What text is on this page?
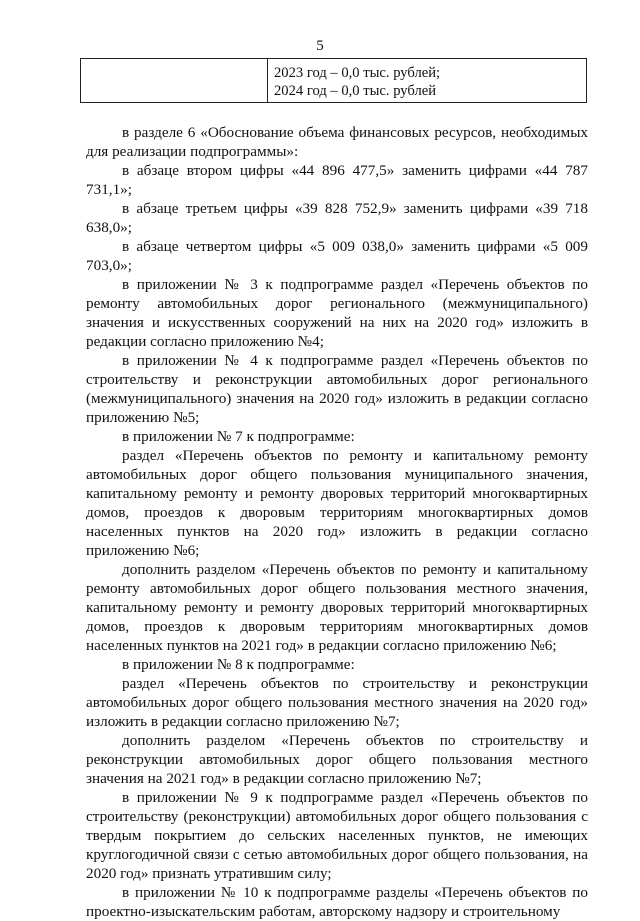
5
2023 год – 0,0 тыс. рублей;
2024 год – 0,0 тыс. рублей

в разделе 6 «Обоснование объема финансовых ресурсов, необходимых для реализации подпрограммы»:

в абзаце втором цифры «44 896 477,5» заменить цифрами «44 787 731,1»;

в абзаце третьем цифры «39 828 752,9» заменить цифрами «39 718 638,0»;

в абзаце четвертом цифры «5 009 038,0» заменить цифрами «5 009 703,0»;

в приложении № 3 к подпрограмме раздел «Перечень объектов по ремонту автомобильных дорог регионального (межмуниципального) значения и искусственных сооружений на них на 2020 год» изложить в редакции согласно приложению №4;

в приложении № 4 к подпрограмме раздел «Перечень объектов по строительству и реконструкции автомобильных дорог регионального (межмуниципального) значения на 2020 год» изложить в редакции согласно приложению №5;

в приложении № 7 к подпрограмме:

раздел «Перечень объектов по ремонту и капитальному ремонту автомобильных дорог общего пользования муниципального значения, капитальному ремонту и ремонту дворовых территорий многоквартирных домов, проездов к дворовым территориям многоквартирных домов населенных пунктов на 2020 год» изложить в редакции согласно приложению №6;

дополнить разделом «Перечень объектов по ремонту и капитальному ремонту автомобильных дорог общего пользования местного значения, капитальному ремонту и ремонту дворовых территорий многоквартирных домов, проездов к дворовым территориям многоквартирных домов населенных пунктов на 2021 год» в редакции согласно приложению №6;

в приложении № 8 к подпрограмме:

раздел «Перечень объектов по строительству и реконструкции автомобильных дорог общего пользования местного значения на 2020 год» изложить в редакции согласно приложению №7;

дополнить разделом «Перечень объектов по строительству и реконструкции автомобильных дорог общего пользования местного значения на 2021 год» в редакции согласно приложению №7;

в приложении № 9 к подпрограмме раздел «Перечень объектов по строительству (реконструкции) автомобильных дорог общего пользования с твердым покрытием до сельских населенных пунктов, не имеющих круглогодичной связи с сетью автомобильных дорог общего пользования, на 2020 год» признать утратившим силу;

в приложении № 10 к подпрограмме разделы «Перечень объектов по проектно-изыскательским работам, авторскому надзору и строительному
